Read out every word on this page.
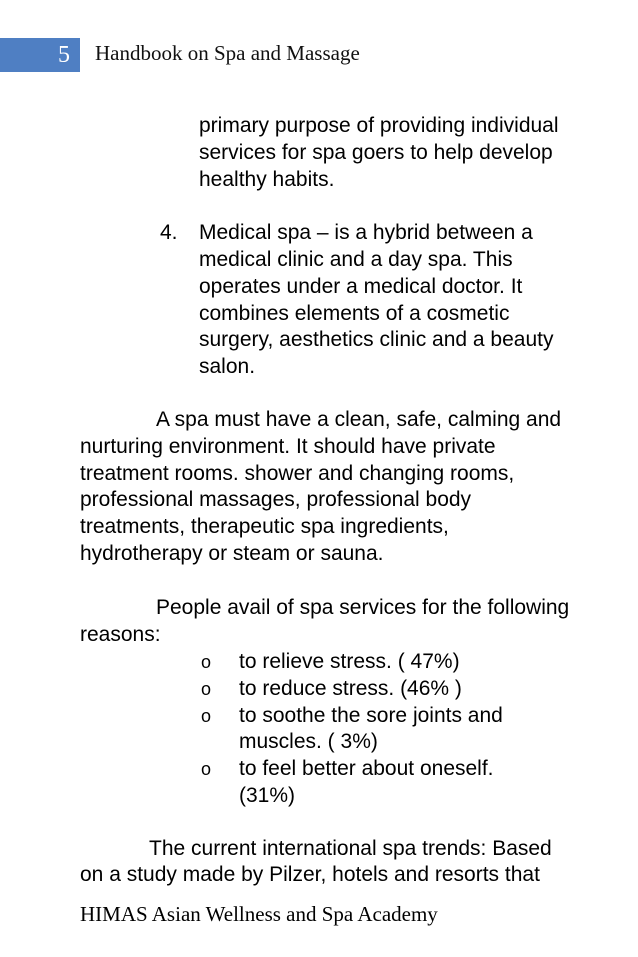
5 Handbook on Spa and Massage
primary purpose of providing individual
services for spa goers to help develop
healthy habits.
4. Medical spa – is a hybrid between a
medical clinic and a day spa. This
operates under a medical doctor. It
combines elements of a cosmetic
surgery, aesthetics clinic and a beauty
salon.
A spa must have a clean, safe, calming and
nurturing environment. It should have private
treatment rooms. shower and changing rooms,
professional massages, professional body
treatments, therapeutic spa ingredients,
hydrotherapy or steam or sauna.
People avail of spa services for the following
reasons:
o to relieve stress. ( 47%)
o to reduce stress. (46% )
o to soothe the sore joints and
muscles. ( 3%)
o to feel better about oneself.
(31%)
The current international spa trends: Based
on a study made by Pilzer, hotels and resorts that
HIMAS Asian Wellness and Spa Academy
